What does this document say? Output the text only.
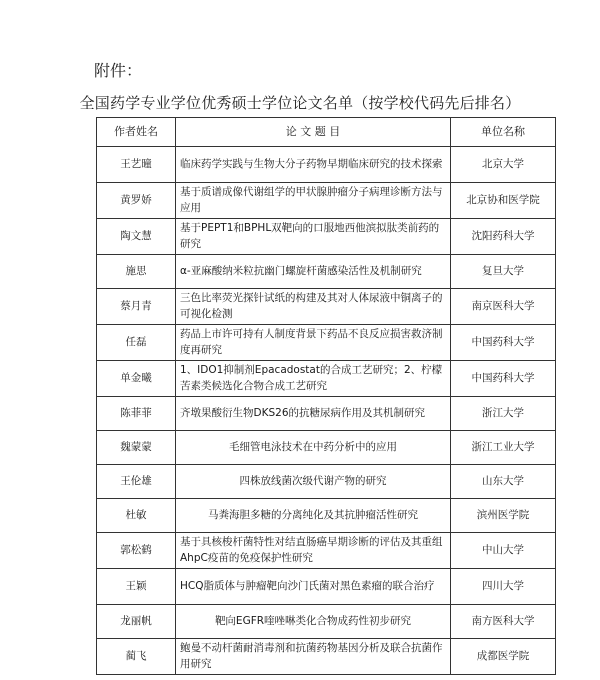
附件：
全国药学专业学位优秀硕士学位论文名单（按学校代码先后排名）
作者姓名	论 文 题 目	单位名称
王艺曈	临床药学实践与生物大分子药物早期临床研究的技术探索	北京大学
黄罗娇	基于质谱成像代谢组学的甲状腺肿瘤分子病理诊断方法与应用	北京协和医学院
陶文慧	基于PEPT1和BPHL双靶向的口服地西他滨拟肽类前药的研究	沈阳药科大学
施思	α-亚麻酸纳米粒抗幽门螺旋杆菌感染活性及机制研究	复旦大学
蔡月青	三色比率荧光探针试纸的构建及其对人体尿液中铜离子的可视化检测	南京医科大学
任磊	药品上市许可持有人制度背景下药品不良反应损害救济制度再研究	中国药科大学
单金曦	1、IDO1抑制剂Epacadostat的合成工艺研究；2、柠檬苦素类候选化合物合成工艺研究	中国药科大学
陈菲菲	齐墩果酸衍生物DKS26的抗糖尿病作用及其机制研究	浙江大学
魏蒙蒙	毛细管电泳技术在中药分析中的应用	浙江工业大学
王伦雄	四株放线菌次级代谢产物的研究	山东大学
杜敏	马粪海胆多糖的分离纯化及其抗肿瘤活性研究	滨州医学院
郭松鹤	基于具核梭杆菌特性对结直肠癌早期诊断的评估及其重组AhpC疫苗的免疫保护性研究	中山大学
王颖	HCQ脂质体与肿瘤靶向沙门氏菌对黑色素瘤的联合治疗	四川大学
龙丽帆	靶向EGFR喹唑啉类化合物成药性初步研究	南方医科大学
蔺飞	鲍曼不动杆菌耐消毒剂和抗菌药物基因分析及联合抗菌作用研究	成都医学院
